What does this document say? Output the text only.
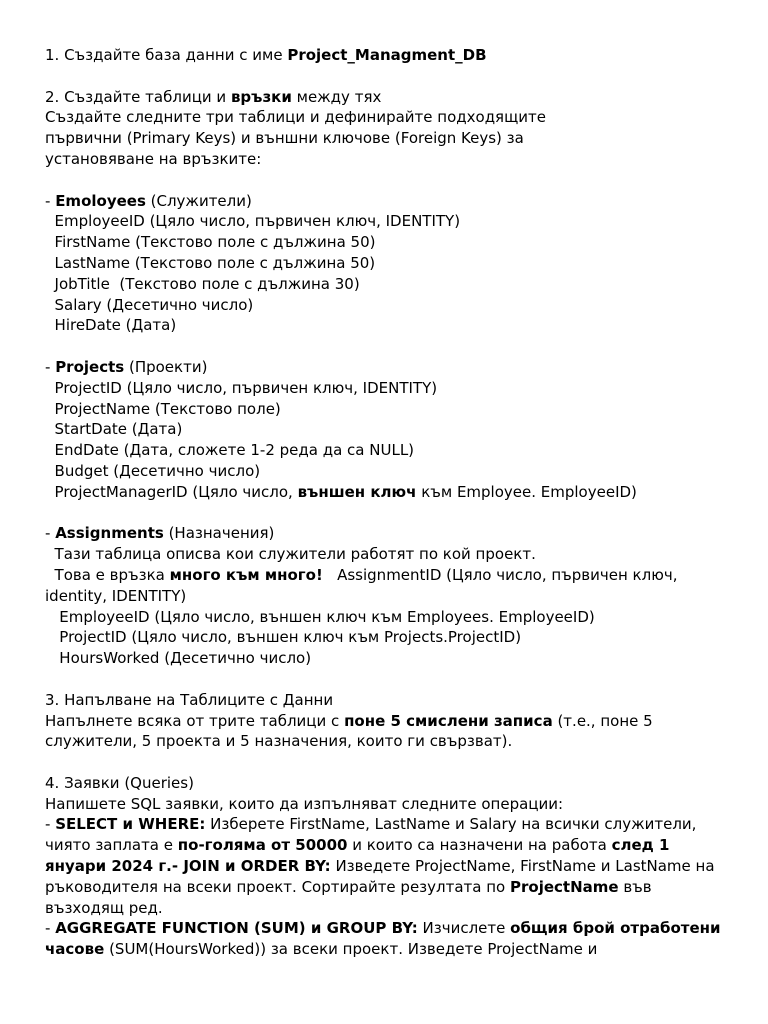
1. Създайте база данни с име Project_Managment_DB
2. Създайте таблици и връзки между тях
Създайте следните три таблици и дефинирайте подходящите
първични (Primary Keys) и външни ключове (Foreign Keys) за
установяване на връзките:
- Emoloyees (Служители)
EmployeeID (Цяло число, първичен ключ, IDENTITY)
FirstName (Текстово поле с дължина 50)
LastName (Текстово поле с дължина 50)
JobTitle  (Текстово поле с дължина 30)
Salary (Десетично число)
HireDate (Дата)
- Projects (Проекти)
ProjectID (Цяло число, първичен ключ, IDENTITY)
ProjectName (Текстово поле)
StartDate (Дата)
EndDate (Дата, сложете 1-2 реда да са NULL)
Budget (Десетично число)
ProjectManagerID (Цяло число, външен ключ към Employee. EmployeeID)
- Assignments (Назначения)
Тази таблица описва кои служители работят по кой проект.
Това е връзка много към много!   AssignmentID (Цяло число, първичен ключ, identity, IDENTITY)
EmployeeID (Цяло число, външен ключ към Employees. EmployeeID)
ProjectID (Цяло число, външен ключ към Projects.ProjectID)
HoursWorked (Десетично число)
3. Напълване на Таблиците с Данни
Напълнете всяка от трите таблици с поне 5 смислени записа (т.е., поне 5 служители, 5 проекта и 5 назначения, които ги свързват).
4. Заявки (Queries)
Напишете SQL заявки, които да изпълняват следните операции:
- SELECT и WHERE: Изберете FirstName, LastName и Salary на всички служители, чиято заплата е по-голяма от 50000 и които са назначени на работа след 1 януари 2024 г.- JOIN и ORDER BY: Изведете ProjectName, FirstName и LastName на ръководителя на всеки проект. Сортирайте резултата по ProjectName във възходящ ред.
- AGGREGATE FUNCTION (SUM) и GROUP BY: Изчислете общия брой отработени часове (SUM(HoursWorked)) за всеки проект. Изведете ProjectName и
